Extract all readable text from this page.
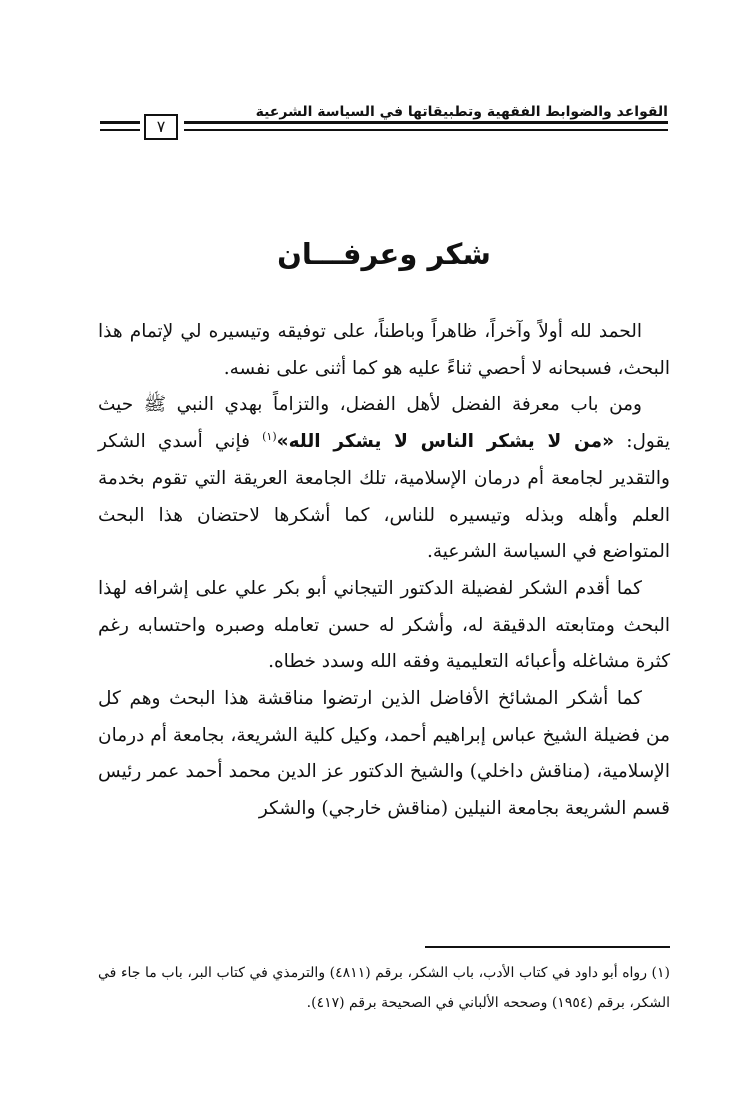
القواعد والضوابط الفقهية وتطبيقاتها في السياسة الشرعية
٧
شكر وعرفـــان

الحمد لله أولاً وآخراً، ظاهراً وباطناً، على توفيقه وتيسيره لي لإتمام هذا البحث، فسبحانه لا أحصي ثناءً عليه هو كما أثنى على نفسه.

ومن باب معرفة الفضل لأهل الفضل، والتزاماً بهدي النبي ﷺ حيث يقول: «من لا يشكر الناس لا يشكر الله»$^{(١)}$ فإني أسدي الشكر والتقدير لجامعة أم درمان الإسلامية، تلك الجامعة العريقة التي تقوم بخدمة العلم وأهله وبذله وتيسيره للناس، كما أشكرها لاحتضان هذا البحث المتواضع في السياسة الشرعية.

كما أقدم الشكر لفضيلة الدكتور التيجاني أبو بكر علي على إشرافه لهذا البحث ومتابعته الدقيقة له، وأشكر له حسن تعامله وصبره واحتسابه رغم كثرة مشاغله وأعبائه التعليمية وفقه الله وسدد خطاه.

كما أشكر المشائخ الأفاضل الذين ارتضوا مناقشة هذا البحث وهم كل من فضيلة الشيخ عباس إبراهيم أحمد، وكيل كلية الشريعة، بجامعة أم درمان الإسلامية، (مناقش داخلي) والشيخ الدكتور عز الدين محمد أحمد عمر رئيس قسم الشريعة بجامعة النيلين (مناقش خارجي) والشكر

(١) رواه أبو داود في كتاب الأدب، باب الشكر، برقم (٤٨١١) والترمذي في كتاب البر، باب ما جاء في الشكر، برقم (١٩٥٤) وصححه الألباني في الصحيحة برقم (٤١٧).
